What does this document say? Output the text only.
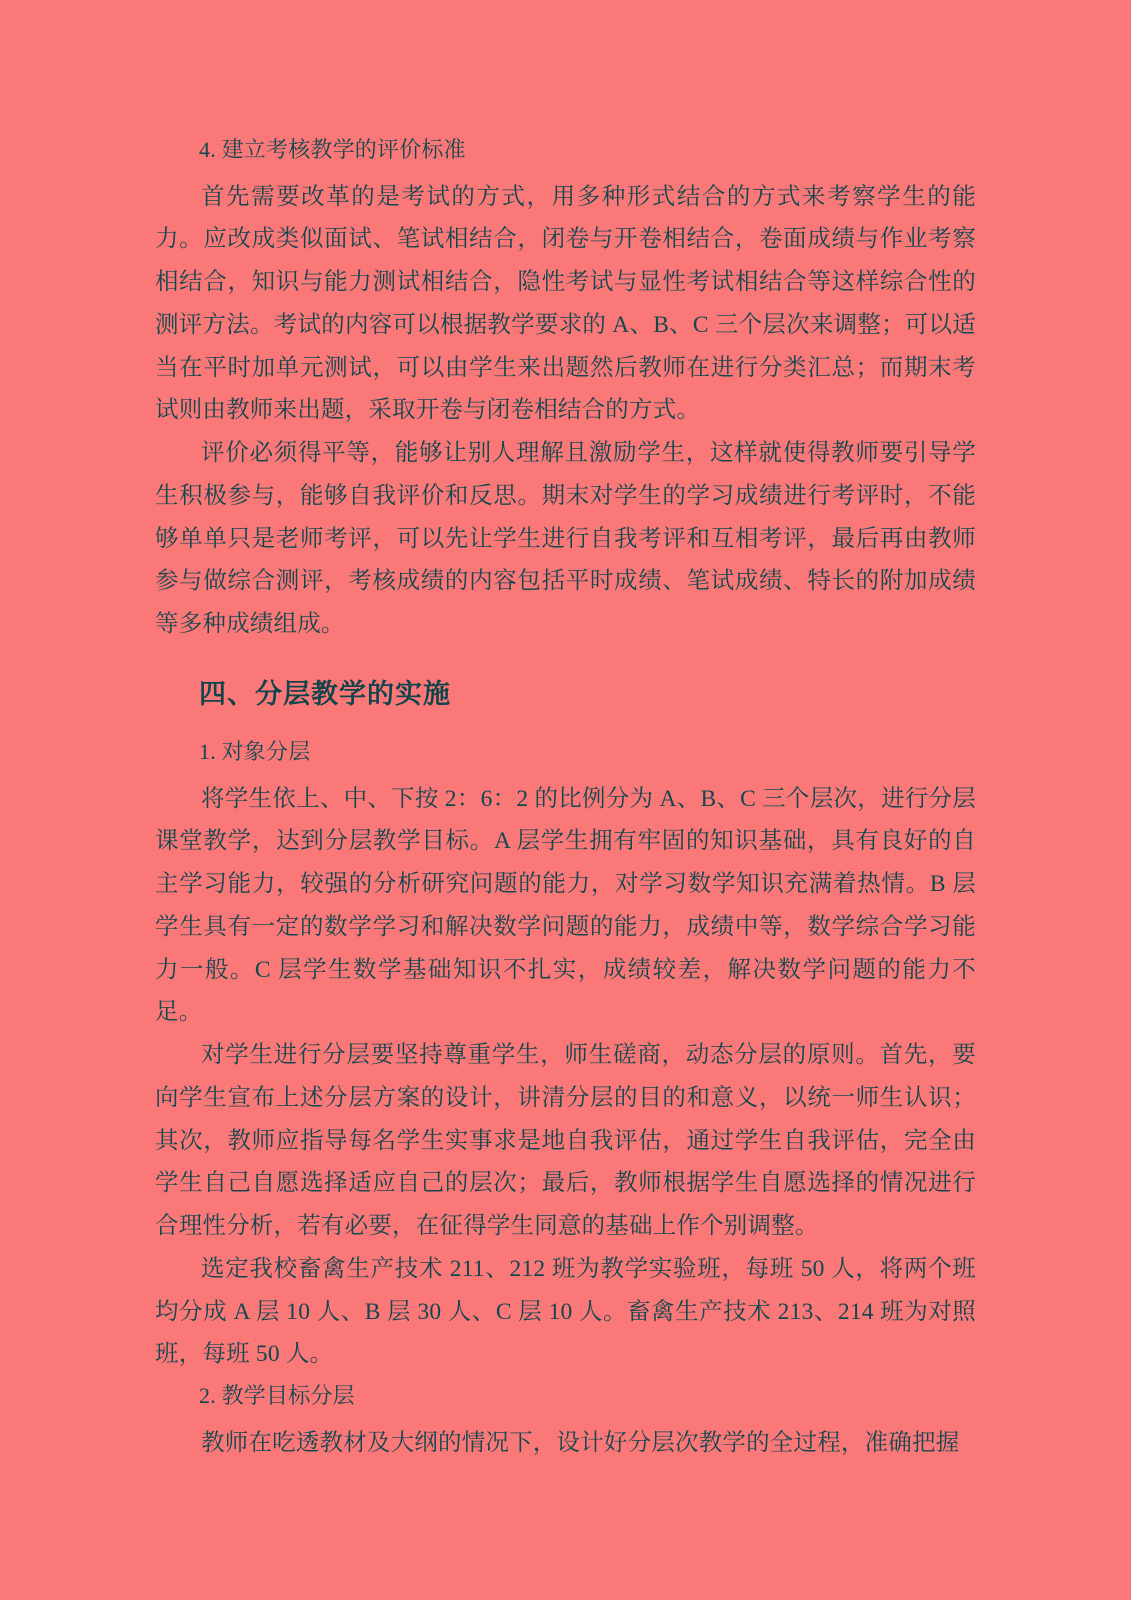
4. 建立考核教学的评价标准

首先需要改革的是考试的方式，用多种形式结合的方式来考察学生的能力。应改成类似面试、笔试相结合，闭卷与开卷相结合，卷面成绩与作业考察相结合，知识与能力测试相结合，隐性考试与显性考试相结合等这样综合性的测评方法。考试的内容可以根据教学要求的 A、B、C 三个层次来调整；可以适当在平时加单元测试，可以由学生来出题然后教师在进行分类汇总；而期末考试则由教师来出题，采取开卷与闭卷相结合的方式。

评价必须得平等，能够让别人理解且激励学生，这样就使得教师要引导学生积极参与，能够自我评价和反思。期末对学生的学习成绩进行考评时，不能够单单只是老师考评，可以先让学生进行自我考评和互相考评，最后再由教师参与做综合测评，考核成绩的内容包括平时成绩、笔试成绩、特长的附加成绩等多种成绩组成。

四、分层教学的实施
1. 对象分层

将学生依上、中、下按 2：6：2 的比例分为 A、B、C 三个层次，进行分层课堂教学，达到分层教学目标。A 层学生拥有牢固的知识基础，具有良好的自主学习能力，较强的分析研究问题的能力，对学习数学知识充满着热情。B 层学生具有一定的数学学习和解决数学问题的能力，成绩中等，数学综合学习能力一般。C 层学生数学基础知识不扎实，成绩较差，解决数学问题的能力不足。

对学生进行分层要坚持尊重学生，师生磋商，动态分层的原则。首先，要向学生宣布上述分层方案的设计，讲清分层的目的和意义，以统一师生认识；其次，教师应指导每名学生实事求是地自我评估，通过学生自我评估，完全由学生自己自愿选择适应自己的层次；最后，教师根据学生自愿选择的情况进行合理性分析，若有必要，在征得学生同意的基础上作个别调整。

选定我校畜禽生产技术 211、212 班为教学实验班，每班 50 人，将两个班均分成 A 层 10 人、B 层 30 人、C 层 10 人。畜禽生产技术 213、214 班为对照班，每班 50 人。

2. 教学目标分层

教师在吃透教材及大纲的情况下，设计好分层次教学的全过程，准确把握
